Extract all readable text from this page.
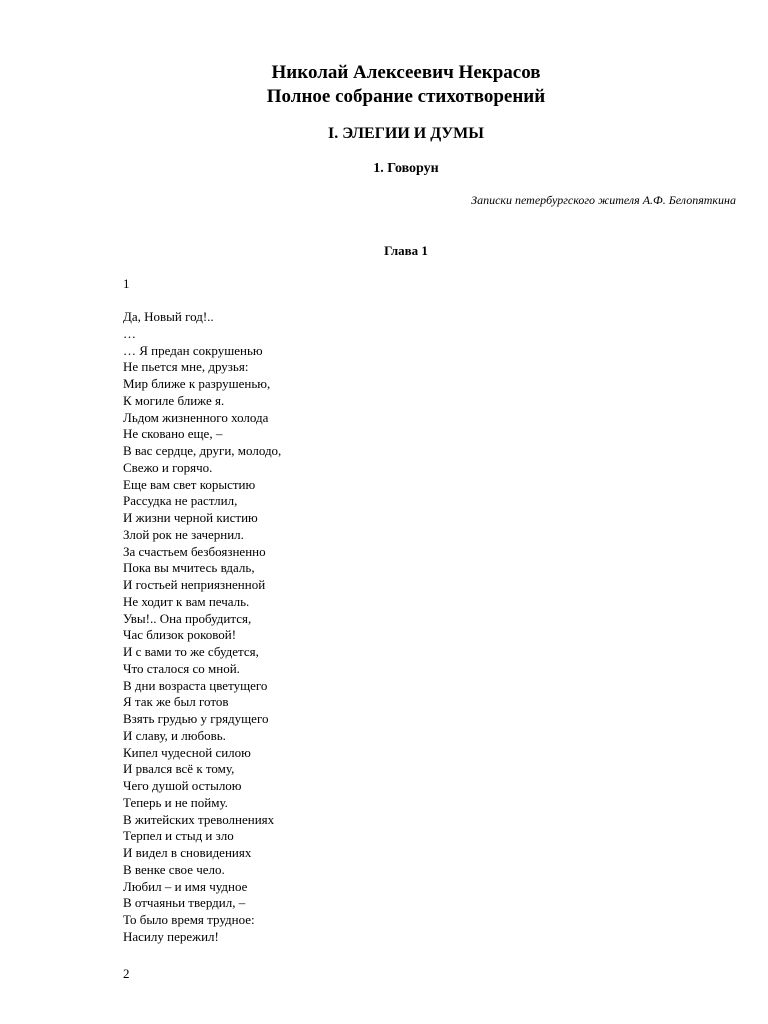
Николай Алексеевич Некрасов
Полное собрание стихотворений
I. ЭЛЕГИИ И ДУМЫ
1. Говорун
Записки петербургского жителя А.Ф. Белопяткина
Глава 1
1
Да, Новый год!..
…
… Я предан сокрушенью
Не пьется мне, друзья:
Мир ближе к разрушенью,
К могиле ближе я.
Льдом жизненного холода
Не сковано еще, –
В вас сердце, други, молодо,
Свежо и горячо.
Еще вам свет корыстию
Рассудка не растлил,
И жизни черной кистию
Злой рок не зачернил.
За счастьем безбоязненно
Пока вы мчитесь вдаль,
И гостьей неприязненной
Не ходит к вам печаль.
Увы!.. Она пробудится,
Час близок роковой!
И с вами то же сбудется,
Что сталося со мной.
В дни возраста цветущего
Я так же был готов
Взять грудью у грядущего
И славу, и любовь.
Кипел чудесной силою
И рвался всё к тому,
Чего душой остылою
Теперь и не пойму.
В житейских треволнениях
Терпел и стыд и зло
И видел в сновидениях
В венке свое чело.
Любил – и имя чудное
В отчаяньи твердил, –
То было время трудное:
Насилу пережил!
2
